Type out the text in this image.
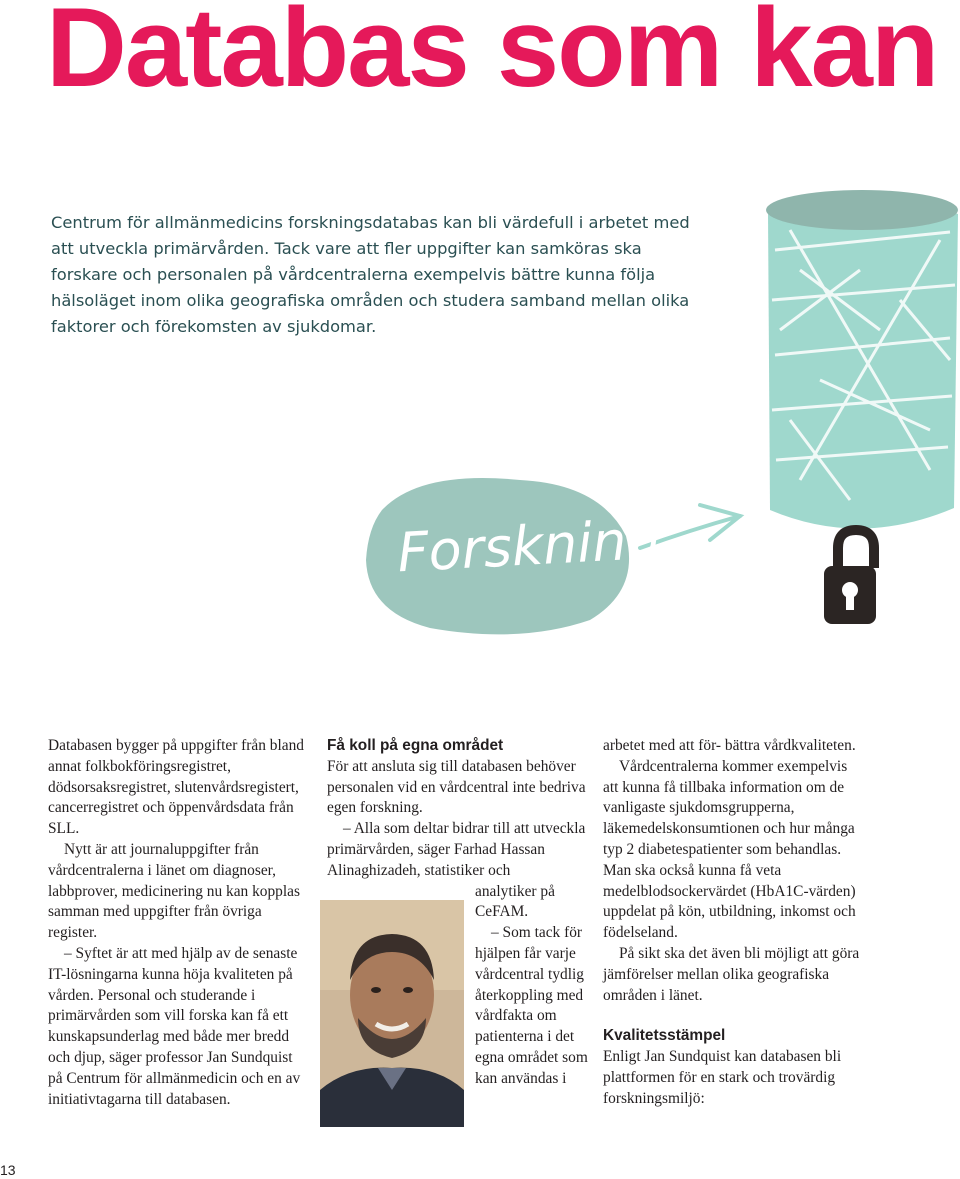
Databas som kan

Centrum för allmänmedicins forskningsdatabas kan bli värdefull i arbetet med att utveckla primärvården. Tack vare att fler uppgifter kan samköras ska forskare och personalen på vårdcentralerna exempelvis bättre kunna följa hälsoläget inom olika geografiska områden och studera samband mellan olika faktorer och förekomsten av sjukdomar.

Forskning

Databasen bygger på uppgifter från bland annat folkbokföringsregistret, dödsorsaksregistret, slutenvårdsregistert, cancerregistret och öppenvårdsdata från SLL.

Nytt är att journaluppgifter från vårdcentralerna i länet om diagnoser, labbprover, medicinering nu kan kopplas samman med uppgifter från övriga register.

– Syftet är att med hjälp av de senaste IT-lösningarna kunna höja kvaliteten på vården. Personal och studerande i primärvården som vill forska kan få ett kunskapsunderlag med både mer bredd och djup, säger professor Jan Sundquist på Centrum för allmänmedicin och en av initiativtagarna till databasen.

Få koll på egna området

För att ansluta sig till databasen behöver personalen vid en vårdcentral inte bedriva egen forskning.

– Alla som deltar bidrar till att utveckla primärvården, säger Farhad Hassan Alinaghizadeh, statistiker och

analytiker på CeFAM.

– Som tack för hjälpen får varje vårdcentral tydlig återkoppling med vårdfakta om patienterna i det egna området som kan användas i

arbetet med att för- bättra vårdkvaliteten.

Vårdcentralerna kommer exempelvis att kunna få tillbaka information om de vanligaste sjukdomsgrupperna, läkemedelskonsumtionen och hur många typ 2 diabetespatienter som behandlas. Man ska också kunna få veta medelblodsockervärdet (HbA1C-värden) uppdelat på kön, utbildning, inkomst och födelseland.

På sikt ska det även bli möjligt att göra jämförelser mellan olika geografiska områden i länet.

Kvalitetsstämpel

Enligt Jan Sundquist kan databasen bli plattformen för en stark och trovärdig forskningsmiljö:

13
